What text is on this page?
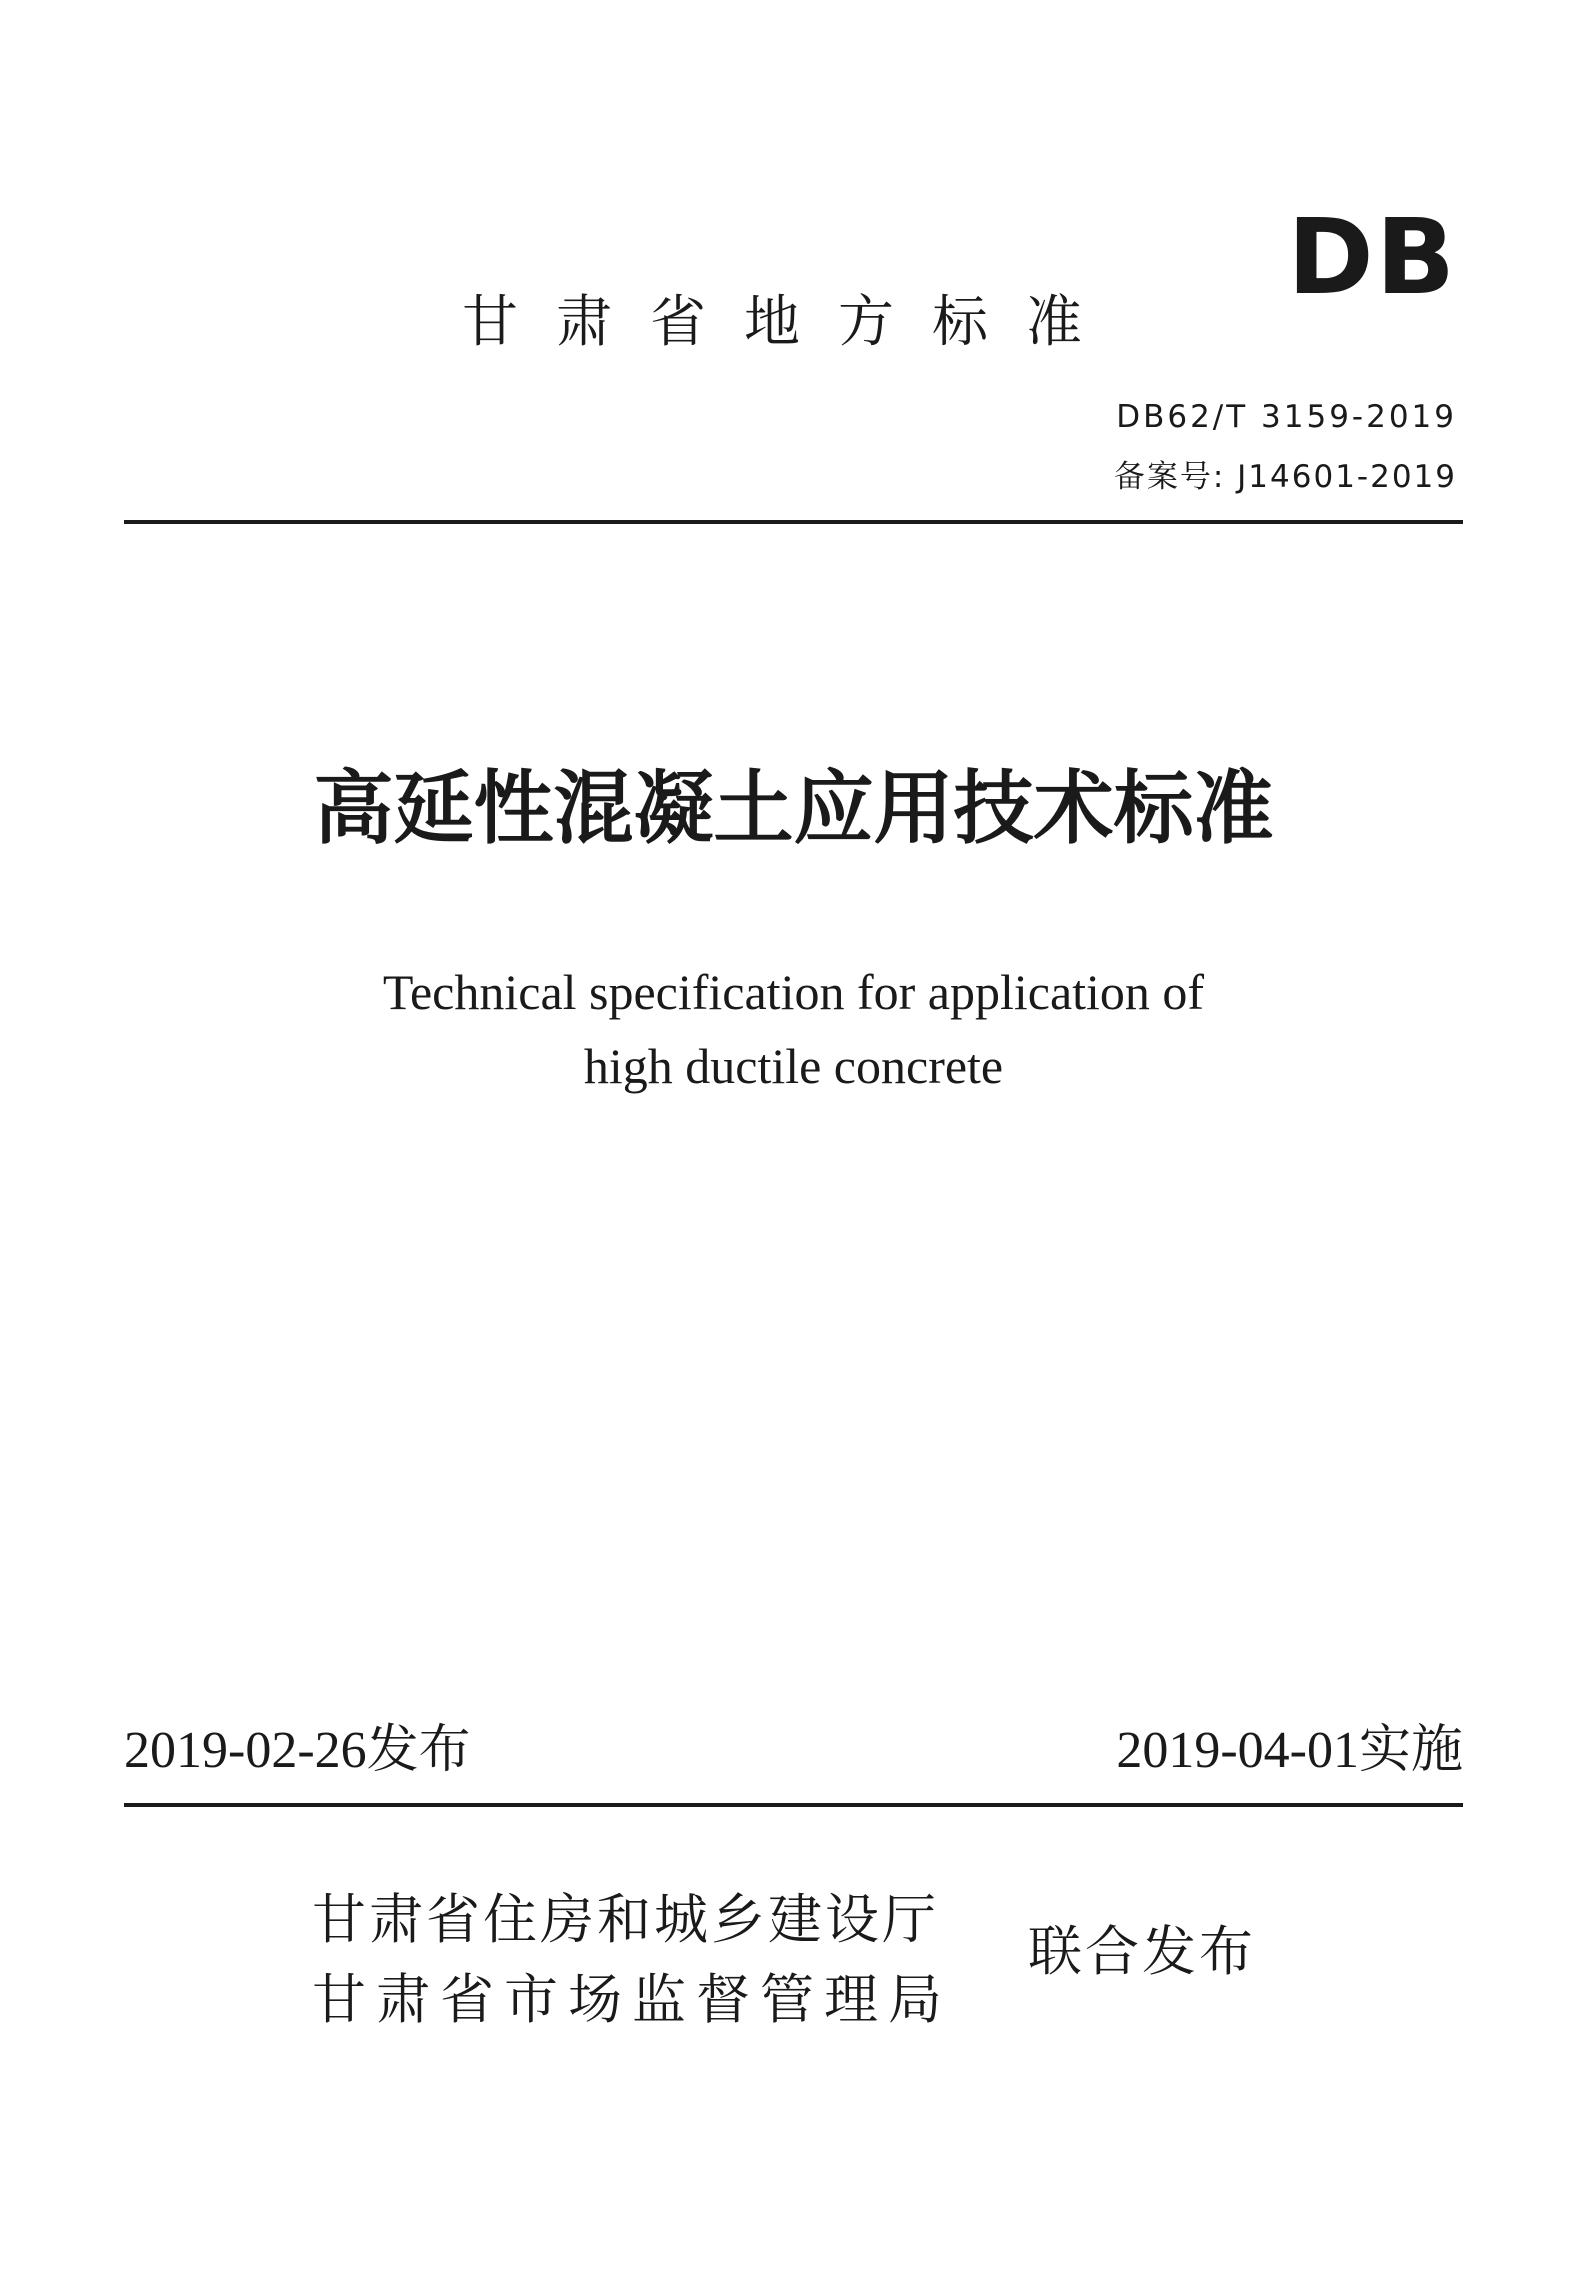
DB
甘肃省地方标准
DB62/T 3159-2019
备案号: J14601-2019
高延性混凝土应用技术标准
Technical specification for application of
high ductile concrete
2019-02-26发布	2019-04-01实施
甘肃省住房和城乡建设厅
甘肃省市场监督管理局
联合发布
